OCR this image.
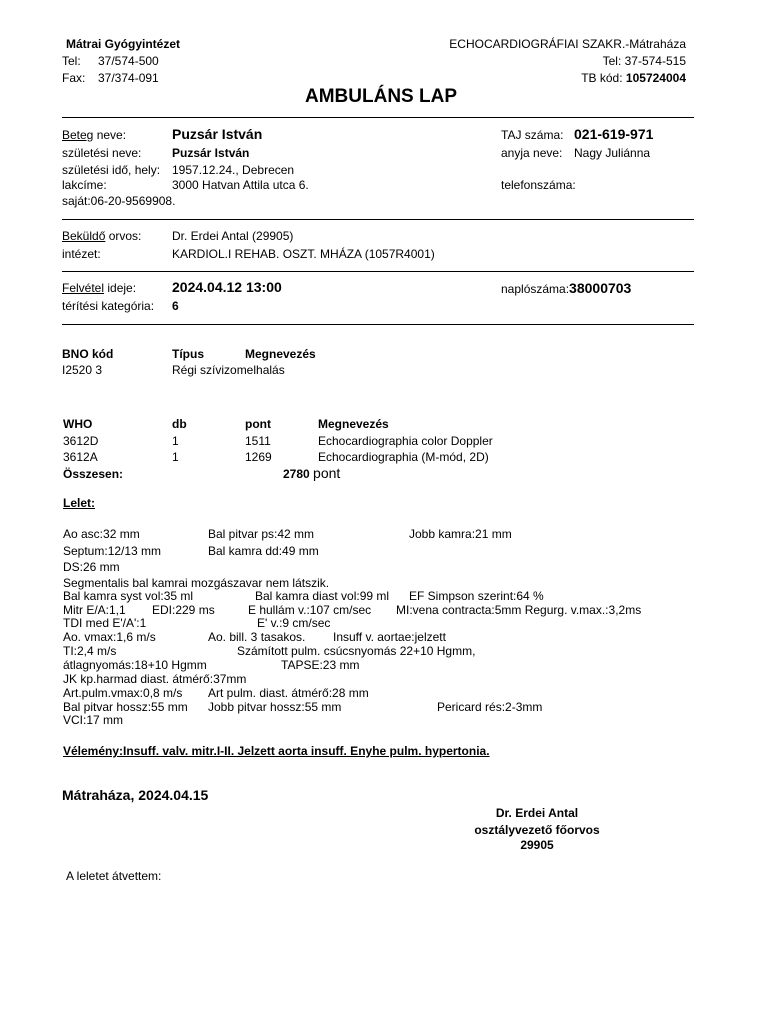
Mátrai Gyógyintézet
Tel: 37/574-500
Fax: 37/374-091
ECHOCARDIOGRÁFIAI SZAKR.-Mátraháza
Tel: 37-574-515
TB kód: 105724004
AMBULÁNS LAP
Beteg neve:	Puzsár István	TAJ száma: 021-619-971
születési neve:	Puzsár István	anyja neve: Nagy Juliánna
születési idő, hely: 1957.12.24., Debrecen
lakcíme:	3000 Hatvan Attila utca 6.	telefonszáma:
saját:06-20-9569908.
Beküldő orvos:	Dr. Erdei Antal (29905)
intézet:	KARDIOL.I REHAB. OSZT. MHÁZA (1057R4001)
Felvétel ideje:	2024.04.12 13:00	naplószáma:38000703
térítési kategória: 6
BNO kód	Típus	Megnevezés
I2520 3	Régi szívizomelhalás
WHO	db	pont	Megnevezés
3612D	1	1511	Echocardiographia color Doppler
3612A	1	1269	Echocardiographia (M-mód, 2D)
Összesen:	2780 pont
Lelet:
Ao asc:32 mm	Bal pitvar ps:42 mm	Jobb kamra:21 mm
Septum:12/13 mm	Bal kamra dd:49 mm
DS:26 mm
Segmentalis bal kamrai mozgászavar nem látszik.
Bal kamra syst vol:35 ml	Bal kamra diast vol:99 ml EF Simpson szerint:64 %
Mitr E/A:1,1 EDI:229 ms	E hullám v.:107 cm/sec MI:vena contracta:5mm Regurg. v.max.:3,2ms
TDI med E'/A':1	E' v.:9 cm/sec
Ao. vmax:1,6 m/s	Ao. bill. 3 tasakos. Insuff v. aortae:jelzett
TI:2,4 m/s	Számított pulm. csúcsnyomás 22+10 Hgmm,
átlagnyomás:18+10 Hgmm	TAPSE:23 mm
JK kp.harmad diast. átmérő:37mm
Art.pulm.vmax:0,8 m/s Art pulm. diast. átmérő:28 mm
Bal pitvar hossz:55 mm Jobb pitvar hossz:55 mm	Pericard rés:2-3mm
VCI:17 mm
Vélemény:Insuff. valv. mitr.I-II. Jelzett aorta insuff. Enyhe pulm. hypertonia.
Mátraháza, 2024.04.15
Dr. Erdei Antal
osztályvezető főorvos
29905
A leletet átvettem:
